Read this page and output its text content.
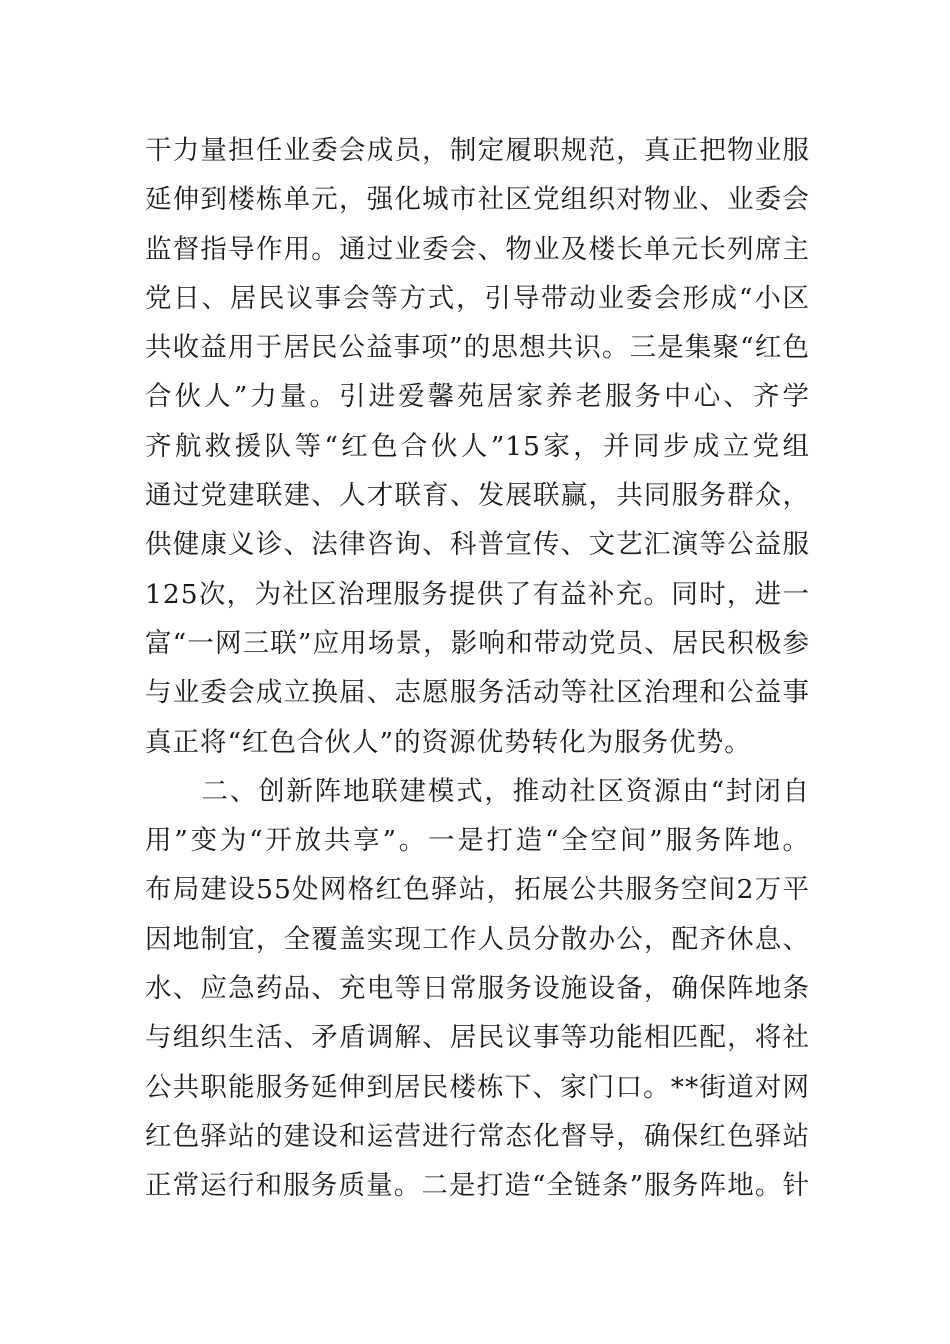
干力量担任业委会成员，制定履职规范，真正把物业服
延伸到楼栋单元，强化城市社区党组织对物业、业委会
监督指导作用。通过业委会、物业及楼长单元长列席主
党日、居民议事会等方式，引导带动业委会形成“小区
共收益用于居民公益事项”的思想共识。三是集聚“红色
合伙人”力量。引进爱馨苑居家养老服务中心、齐学
齐航救援队等“红色合伙人”15家，并同步成立党组
通过党建联建、人才联育、发展联赢，共同服务群众，
供健康义诊、法律咨询、科普宣传、文艺汇演等公益服
125次，为社区治理服务提供了有益补充。同时，进一
富“一网三联”应用场景，影响和带动党员、居民积极参
与业委会成立换届、志愿服务活动等社区治理和公益事
真正将“红色合伙人”的资源优势转化为服务优势。
　　二、创新阵地联建模式，推动社区资源由“封闭自
用”变为“开放共享”。一是打造“全空间”服务阵地。
布局建设55处网格红色驿站，拓展公共服务空间2万平
因地制宜，全覆盖实现工作人员分散办公，配齐休息、
水、应急药品、充电等日常服务设施设备，确保阵地条
与组织生活、矛盾调解、居民议事等功能相匹配，将社
公共职能服务延伸到居民楼栋下、家门口。**街道对网
红色驿站的建设和运营进行常态化督导，确保红色驿站
正常运行和服务质量。二是打造“全链条”服务阵地。针
